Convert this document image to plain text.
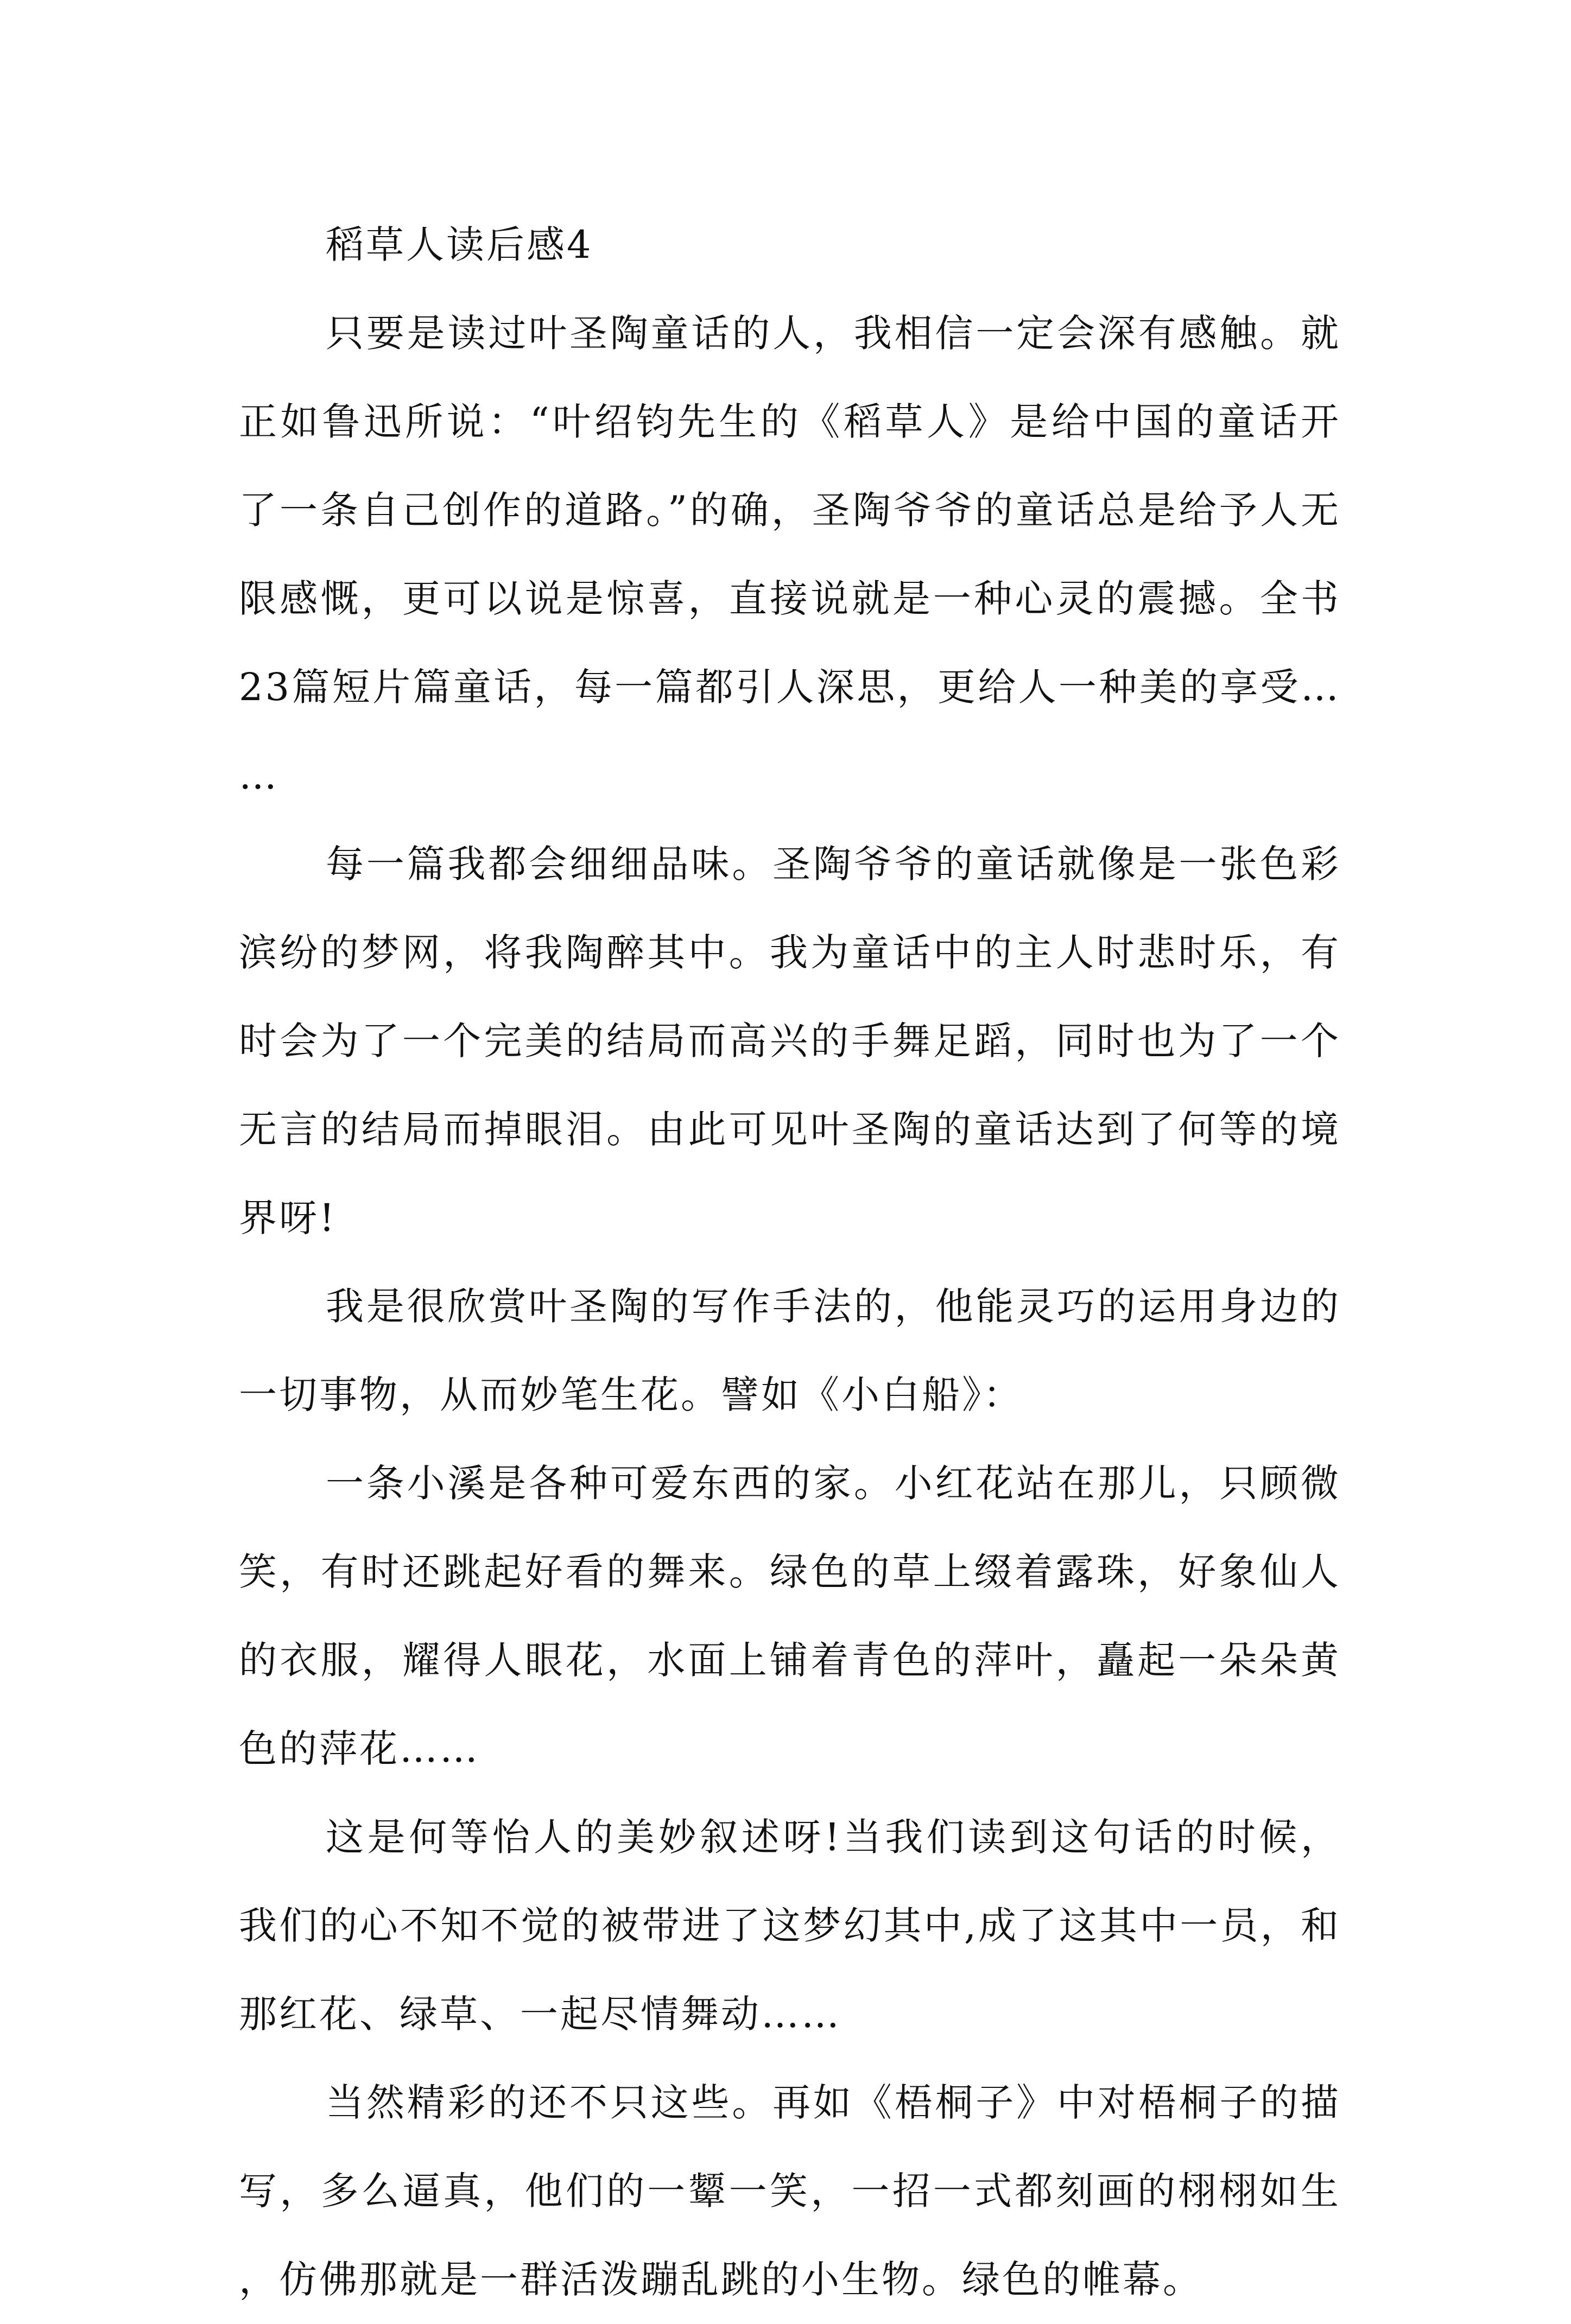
稻草人读后感4

只要是读过叶圣陶童话的人，我相信一定会深有感触。就正如鲁迅所说：“叶绍钧先生的《稻草人》是给中国的童话开了一条自己创作的道路。”的确，圣陶爷爷的童话总是给予人无限感慨，更可以说是惊喜，直接说就是一种心灵的震撼。全书23篇短片篇童话，每一篇都引人深思，更给人一种美的享受……

每一篇我都会细细品味。圣陶爷爷的童话就像是一张色彩滨纷的梦网，将我陶醉其中。我为童话中的主人时悲时乐，有时会为了一个完美的结局而高兴的手舞足蹈，同时也为了一个无言的结局而掉眼泪。由此可见叶圣陶的童话达到了何等的境界呀!

我是很欣赏叶圣陶的写作手法的，他能灵巧的运用身边的一切事物，从而妙笔生花。譬如《小白船》：

一条小溪是各种可爱东西的家。小红花站在那儿，只顾微笑，有时还跳起好看的舞来。绿色的草上缀着露珠，好象仙人的衣服，耀得人眼花，水面上铺着青色的萍叶，矗起一朵朵黄色的萍花……

这是何等怡人的美妙叙述呀!当我们读到这句话的时候，我们的心不知不觉的被带进了这梦幻其中,成了这其中一员，和那红花、绿草、一起尽情舞动……

当然精彩的还不只这些。再如《梧桐子》中对梧桐子的描写，多么逼真，他们的一颦一笑，一招一式都刻画的栩栩如生，仿佛那就是一群活泼蹦乱跳的小生物。绿色的帷幕。
